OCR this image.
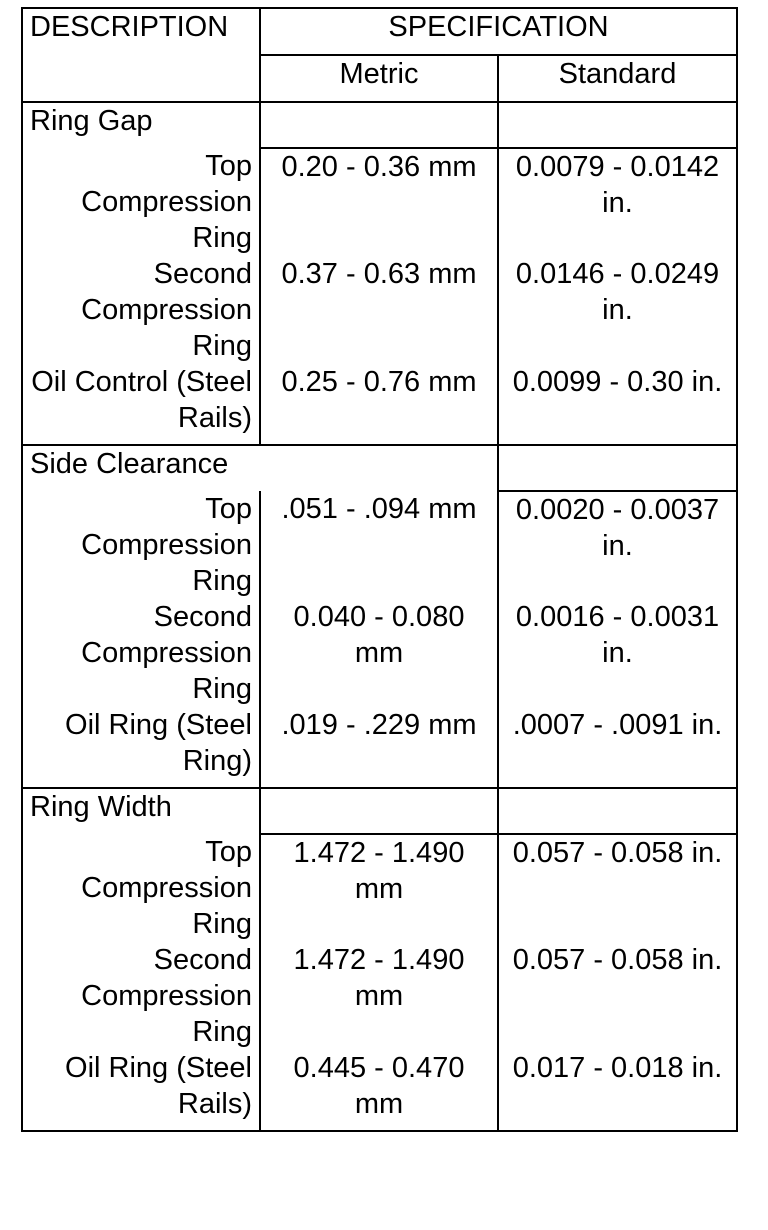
DESCRIPTION	SPECIFICATION	
	Metric	Standard
Ring Gap		
Top Compression Ring	0.20 - 0.36 mm	0.0079 - 0.0142 in.
Second Compression Ring	0.37 - 0.63 mm	0.0146 - 0.0249 in.
Oil Control (Steel Rails)	0.25 - 0.76 mm	0.0099 - 0.30 in.
Side Clearance		
Top Compression Ring	.051 - .094 mm	0.0020 - 0.0037 in.
Second Compression Ring	0.040 - 0.080 mm	0.0016 - 0.0031 in.
Oil Ring (Steel Ring)	.019 - .229 mm	.0007 - .0091 in.
Ring Width		
Top Compression Ring	1.472 - 1.490 mm	0.057 - 0.058 in.
Second Compression Ring	1.472 - 1.490 mm	0.057 - 0.058 in.
Oil Ring (Steel Rails)	0.445 - 0.470 mm	0.017 - 0.018 in.
